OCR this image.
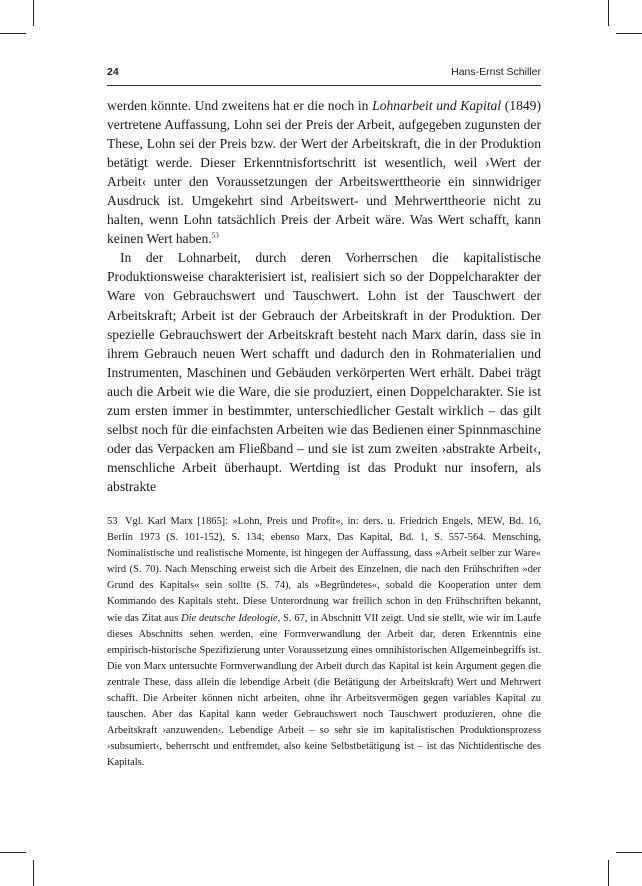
24	Hans-Ernst Schiller

werden könnte. Und zweitens hat er die noch in Lohnarbeit und Kapital (1849) vertretene Auffassung, Lohn sei der Preis der Arbeit, aufgegeben zugunsten der These, Lohn sei der Preis bzw. der Wert der Arbeitskraft, die in der Produktion betätigt werde. Dieser Erkenntnisfortschritt ist wesentlich, weil ›Wert der Arbeit‹ unter den Voraussetzungen der Arbeitswerttheorie ein sinnwidriger Ausdruck ist. Umgekehrt sind Arbeitswert- und Mehrwerttheorie nicht zu halten, wenn Lohn tatsächlich Preis der Arbeit wäre. Was Wert schafft, kann keinen Wert haben.$^{53}$

In der Lohnarbeit, durch deren Vorherrschen die kapitalistische Produktionsweise charakterisiert ist, realisiert sich so der Doppelcharakter der Ware von Gebrauchswert und Tauschwert. Lohn ist der Tauschwert der Arbeitskraft; Arbeit ist der Gebrauch der Arbeitskraft in der Produktion. Der spezielle Gebrauchswert der Arbeitskraft besteht nach Marx darin, dass sie in ihrem Gebrauch neuen Wert schafft und dadurch den in Rohmaterialien und Instrumenten, Maschinen und Gebäuden verkörperten Wert erhält. Dabei trägt auch die Arbeit wie die Ware, die sie produziert, einen Doppelcharakter. Sie ist zum ersten immer in bestimmter, unterschiedlicher Gestalt wirklich – das gilt selbst noch für die einfachsten Arbeiten wie das Bedienen einer Spinnmaschine oder das Verpacken am Fließband – und sie ist zum zweiten ›abstrakte Arbeit‹, menschliche Arbeit überhaupt. Wertding ist das Produkt nur insofern, als abstrakte

53 Vgl. Karl Marx [1865]: »Lohn, Preis und Profit«, in: ders. u. Friedrich Engels, MEW, Bd. 16, Berlin 1973 (S. 101-152), S. 134; ebenso Marx, Das Kapital, Bd. 1, S. 557-564. Mensching, Nominalistische und realistische Momente, ist hingegen der Auffassung, dass »Arbeit selber zur Ware« wird (S. 70). Nach Mensching erweist sich die Arbeit des Einzelnen, die nach den Frühschriften »der Grund des Kapitals« sein sollte (S. 74), als »Begründetes«, sobald die Kooperation unter dem Kommando des Kapitals steht. Diese Unterordnung war freilich schon in den Frühschriften bekannt, wie das Zitat aus Die deutsche Ideologie, S. 67, in Abschnitt VII zeigt. Und sie stellt, wie wir im Laufe dieses Abschnitts sehen werden, eine Formverwandlung der Arbeit dar, deren Erkenntnis eine empirisch-historische Spezifizierung unter Voraussetzung eines omnihistorischen Allgemeinbegriffs ist. Die von Marx untersuchte Formverwandlung der Arbeit durch das Kapital ist kein Argument gegen die zentrale These, dass allein die lebendige Arbeit (die Betätigung der Arbeitskraft) Wert und Mehrwert schafft. Die Arbeiter können nicht arbeiten, ohne ihr Arbeitsvermögen gegen variables Kapital zu tauschen. Aber das Kapital kann weder Gebrauchswert noch Tauschwert produzieren, ohne die Arbeitskraft ›anzuwenden‹. Lebendige Arbeit – so sehr sie im kapitalistischen Produktionsprozess ›subsumiert‹, beherrscht und entfremdet, also keine Selbstbetätigung ist – ist das Nichtidentische des Kapitals.
